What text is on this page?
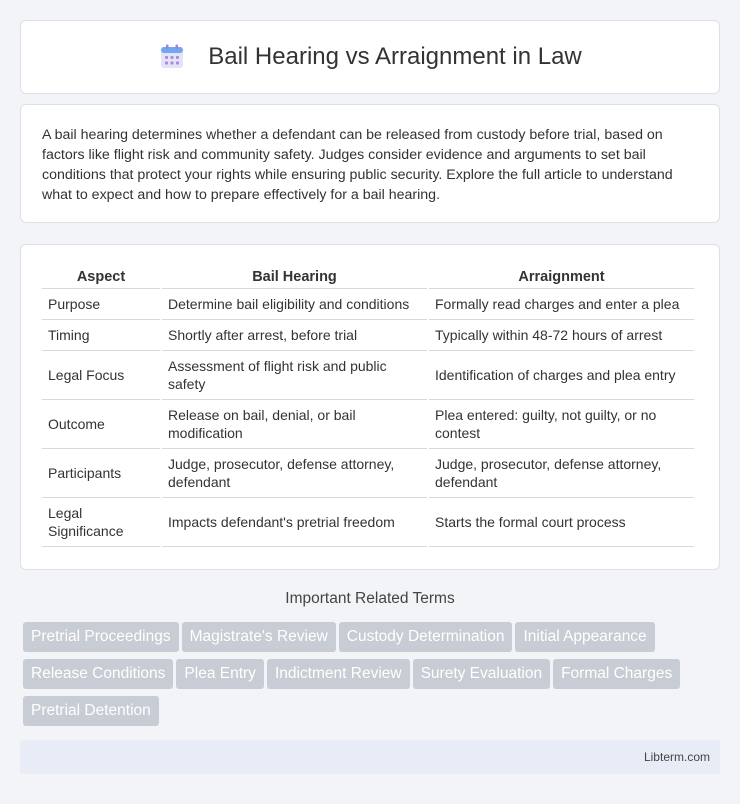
Bail Hearing vs Arraignment in Law

A bail hearing determines whether a defendant can be released from custody before trial, based on factors like flight risk and community safety. Judges consider evidence and arguments to set bail conditions that protect your rights while ensuring public security. Explore the full article to understand what to expect and how to prepare effectively for a bail hearing.

Aspect	Bail Hearing	Arraignment
Purpose	Determine bail eligibility and conditions	Formally read charges and enter a plea
Timing	Shortly after arrest, before trial	Typically within 48-72 hours of arrest
Legal Focus	Assessment of flight risk and public safety	Identification of charges and plea entry
Outcome	Release on bail, denial, or bail modification	Plea entered: guilty, not guilty, or no contest
Participants	Judge, prosecutor, defense attorney, defendant	Judge, prosecutor, defense attorney, defendant
Legal Significance	Impacts defendant's pretrial freedom	Starts the formal court process
Important Related Terms
Pretrial Proceedings Magistrate's Review Custody Determination Initial Appearance
Release Conditions Plea Entry Indictment Review Surety Evaluation Formal Charges
Pretrial Detention
Libterm.com
